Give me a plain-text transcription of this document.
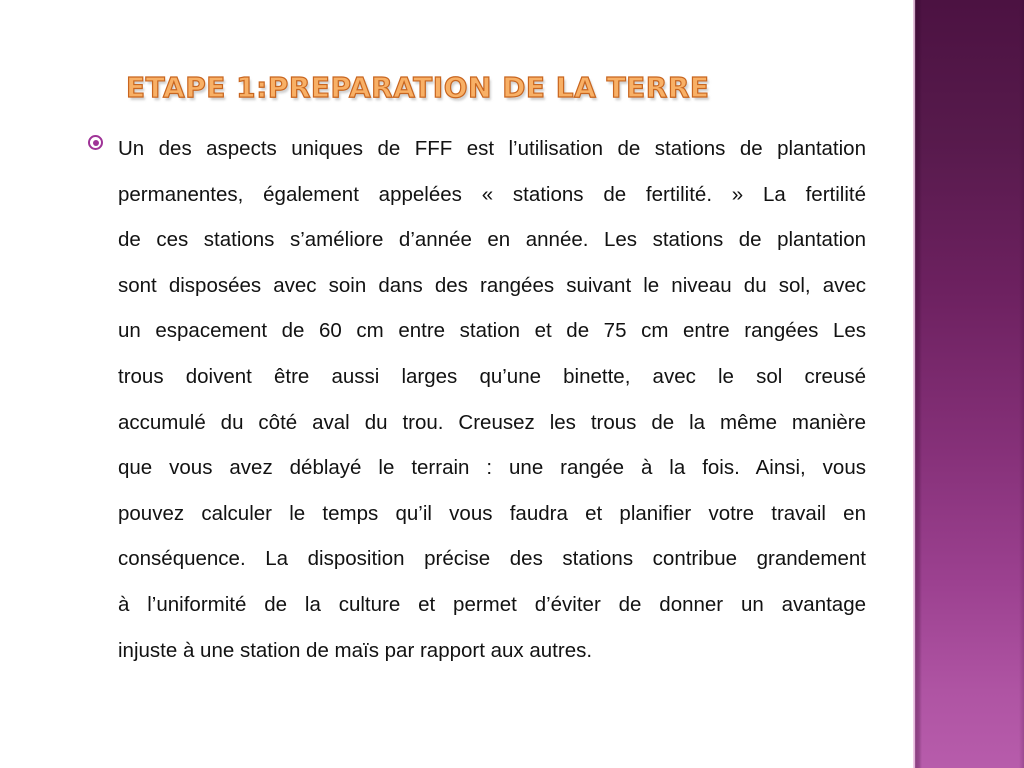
ETAPE 1:PREPARATION DE LA TERRE
Un des aspects uniques de FFF est l’utilisation de stations de plantation
permanentes, également appelées « stations de fertilité. » La fertilité
de ces stations s’améliore d’année en année. Les stations de plantation
sont disposées avec soin dans des rangées suivant le niveau du sol, avec
un espacement de 60 cm entre station et de 75 cm entre rangées Les
trous doivent être aussi larges qu’une binette, avec le sol creusé
accumulé du côté aval du trou. Creusez les trous de la même manière
que vous avez déblayé le terrain : une rangée à la fois. Ainsi, vous
pouvez calculer le temps qu’il vous faudra et planifier votre travail en
conséquence. La disposition précise des stations contribue grandement
à l’uniformité de la culture et permet d’éviter de donner un avantage
injuste à une station de maïs par rapport aux autres.
